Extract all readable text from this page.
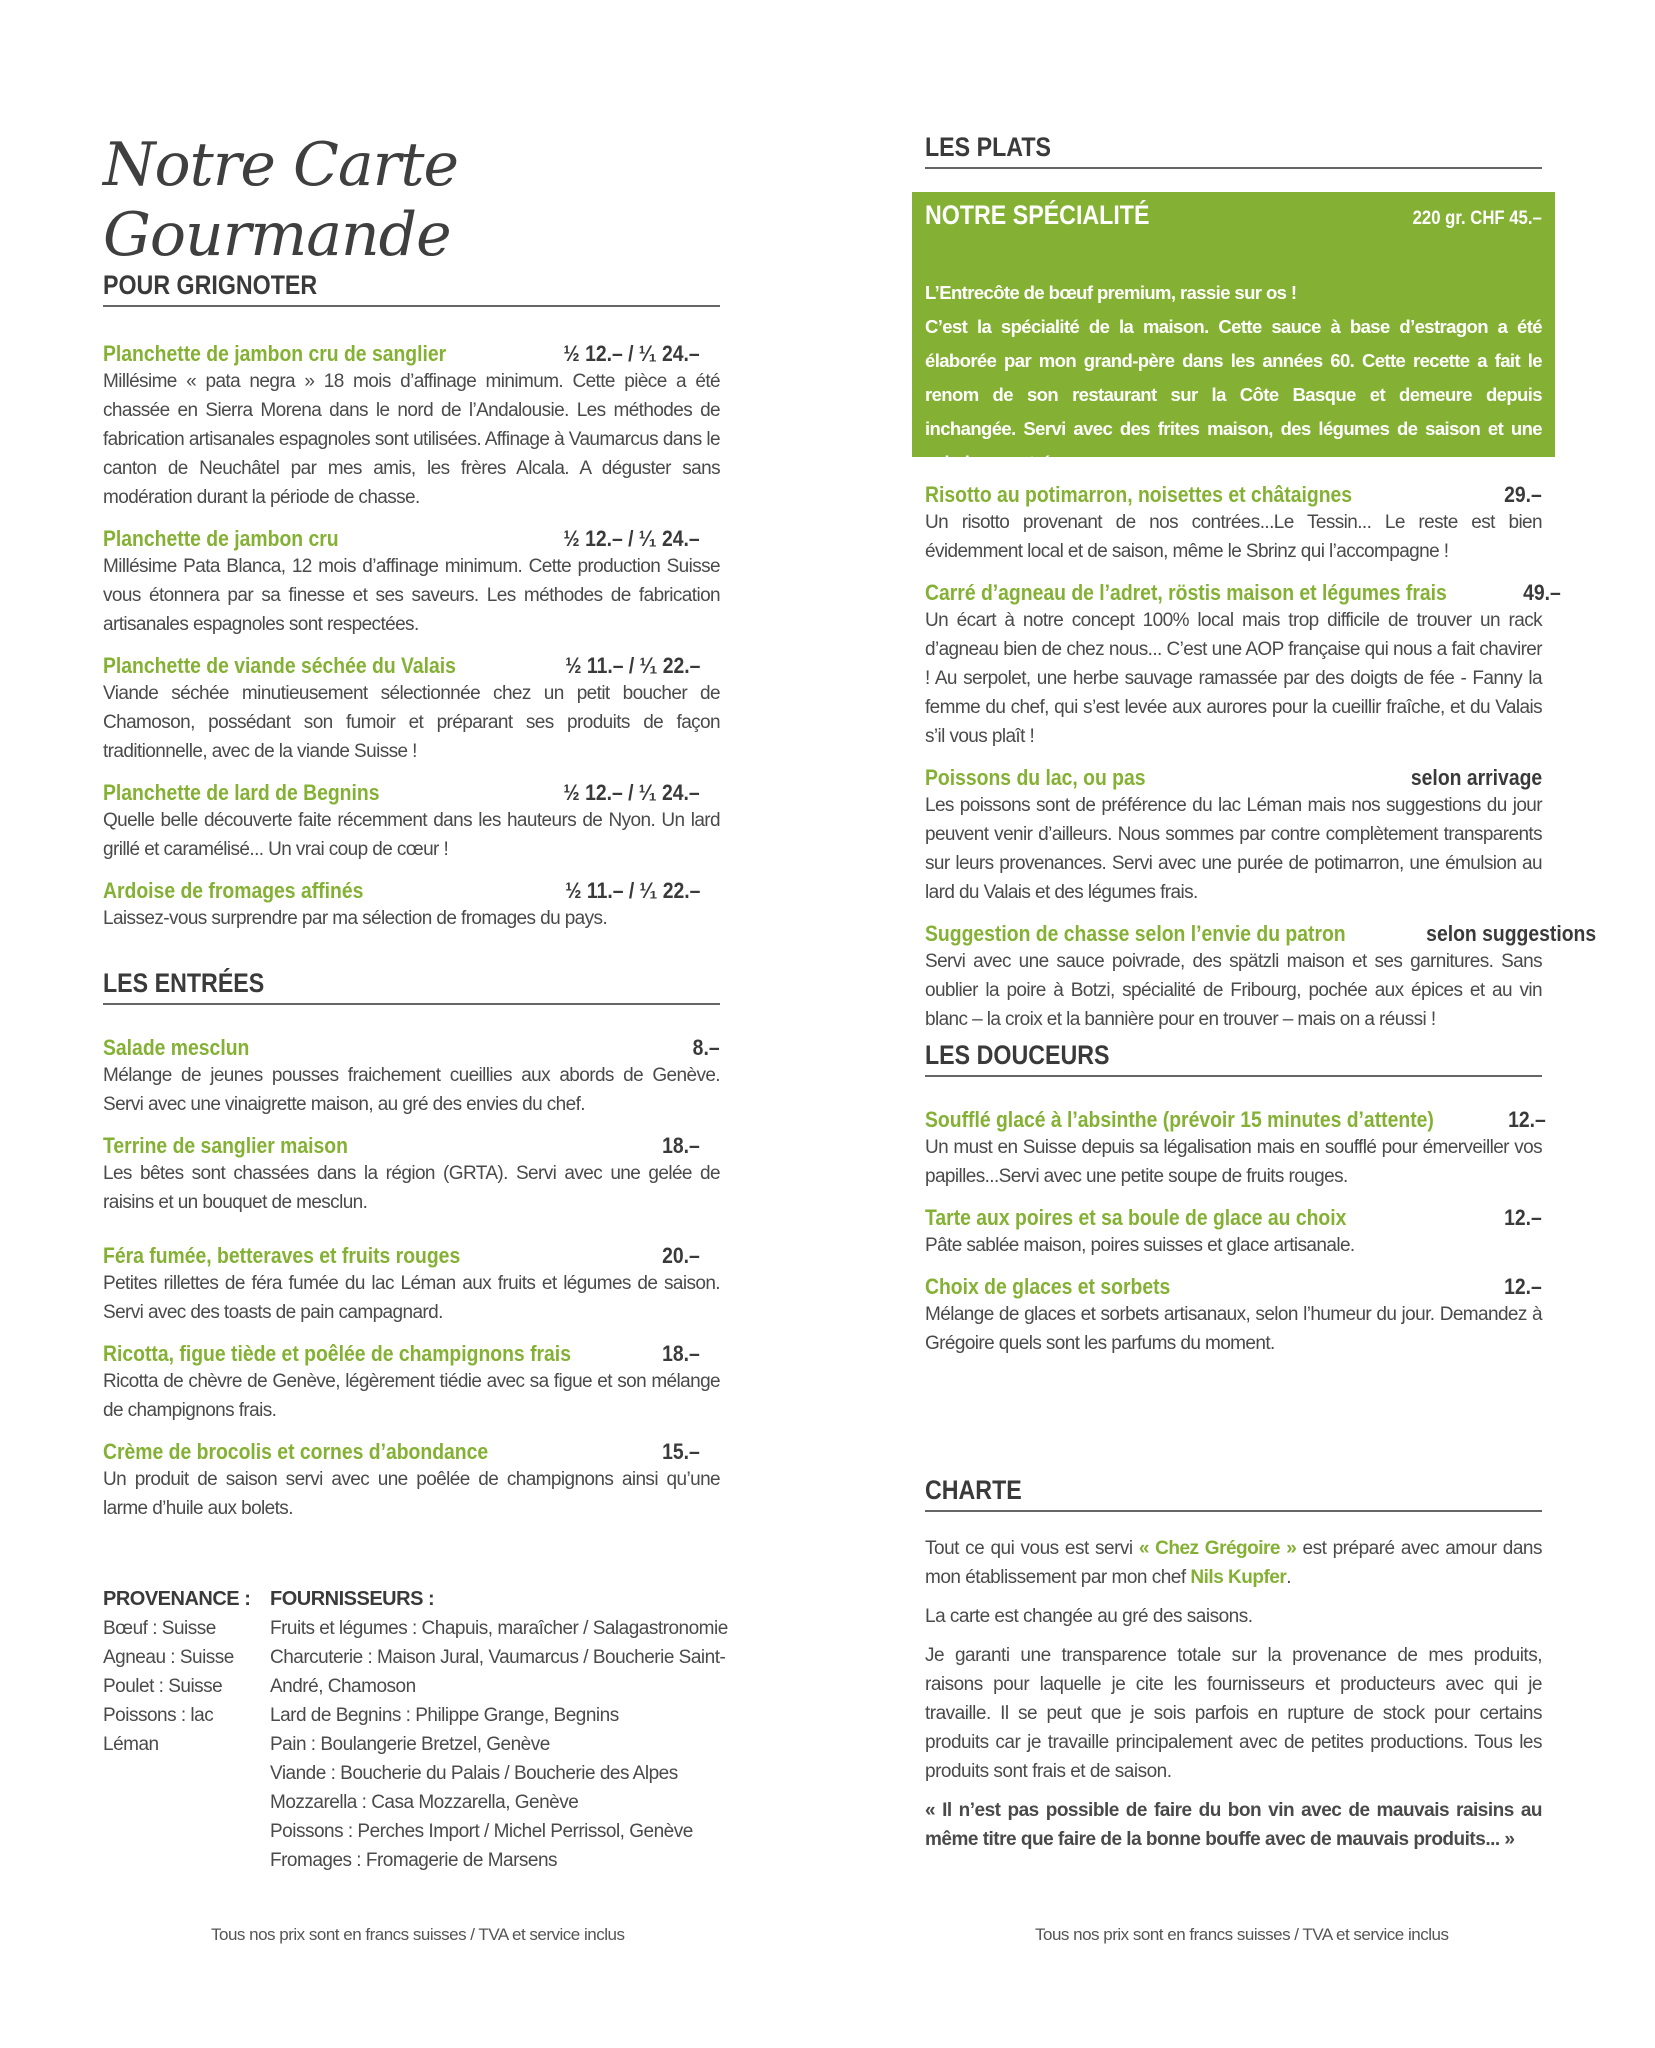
Notre Carte Gourmande
POUR GRIGNOTER
Planchette de jambon cru de sanglier	½ 12.– / ¹⁄₁ 24.–
Millésime « pata negra » 18 mois d’affinage minimum. Cette pièce a été chassée en Sierra Morena dans le nord de l’Andalousie. Les méthodes de fabrication artisanales espagnoles sont utilisées. Affinage à Vaumarcus dans le canton de Neuchâtel par mes amis, les frères Alcala. A déguster sans modération durant la période de chasse.
Planchette de jambon cru	½ 12.– / ¹⁄₁ 24.–
Millésime Pata Blanca, 12 mois d’affinage minimum. Cette production Suisse vous étonnera par sa finesse et ses saveurs. Les méthodes de fabrication artisanales espagnoles sont respectées.
Planchette de viande séchée du Valais	½ 11.– / ¹⁄₁ 22.–
Viande séchée minutieusement sélectionnée chez un petit boucher de Chamoson, possédant son fumoir et préparant ses produits de façon traditionnelle, avec de la viande Suisse !
Planchette de lard de Begnins	½ 12.– / ¹⁄₁ 24.–
Quelle belle découverte faite récemment dans les hauteurs de Nyon. Un lard grillé et caramélisé... Un vrai coup de cœur !
Ardoise de fromages affinés	½ 11.– / ¹⁄₁ 22.–
Laissez-vous surprendre par ma sélection de fromages du pays.
LES ENTRÉES
Salade mesclun	8.–
Mélange de jeunes pousses fraichement cueillies aux abords de Genève. Servi avec une vinaigrette maison, au gré des envies du chef.
Terrine de sanglier maison	18.–
Les bêtes sont chassées dans la région (GRTA). Servi avec une gelée de raisins et un bouquet de mesclun.
Féra fumée, betteraves et fruits rouges	20.–
Petites rillettes de féra fumée du lac Léman aux fruits et légumes de saison. Servi avec des toasts de pain campagnard.
Ricotta, figue tiède et poêlée de champignons frais	18.–
Ricotta de chèvre de Genève, légèrement tiédie avec sa figue et son mélange de champignons frais.
Crème de brocolis et cornes d’abondance	15.–
Un produit de saison servi avec une poêlée de champignons ainsi qu’une larme d’huile aux bolets.
PROVENANCE :
Bœuf : Suisse
Agneau : Suisse
Poulet : Suisse
Poissons : lac Léman
FOURNISSEURS :
Fruits et légumes : Chapuis, maraîcher / Salagastronomie
Charcuterie : Maison Jural, Vaumarcus / Boucherie Saint-
André, Chamoson
Lard de Begnins : Philippe Grange, Begnins
Pain : Boulangerie Bretzel, Genève
Viande : Boucherie du Palais / Boucherie des Alpes
Mozzarella : Casa Mozzarella, Genève
Poissons : Perches Import / Michel Perrissol, Genève
Fromages : Fromagerie de Marsens
Tous nos prix sont en francs suisses / TVA et service inclus
LES PLATS
NOTRE SPÉCIALITÉ	220 gr. CHF 45.–
L’Entrecôte de bœuf premium, rassie sur os !
C’est la spécialité de la maison. Cette sauce à base d’estragon a été élaborée par mon grand-père dans les années 60. Cette recette a fait le renom de son restaurant sur la Côte Basque et demeure depuis inchangée. Servi avec des frites maison, des légumes de saison et une salade en entrée.
Risotto au potimarron, noisettes et châtaignes	29.–
Un risotto provenant de nos contrées...Le Tessin... Le reste est bien évidemment local et de saison, même le Sbrinz qui l’accompagne !
Carré d’agneau de l’adret, röstis maison et légumes frais	49.–
Un écart à notre concept 100% local mais trop difficile de trouver un rack d’agneau bien de chez nous... C’est une AOP française qui nous a fait chavirer ! Au serpolet, une herbe sauvage ramassée par des doigts de fée - Fanny la femme du chef, qui s’est levée aux aurores pour la cueillir fraîche, et du Valais s’il vous plaît !
Poissons du lac, ou pas	selon arrivage
Les poissons sont de préférence du lac Léman mais nos suggestions du jour peuvent venir d’ailleurs. Nous sommes par contre complètement transparents sur leurs provenances. Servi avec une purée de potimarron, une émulsion au lard du Valais et des légumes frais.
Suggestion de chasse selon l’envie du patron	selon suggestions
Servi avec une sauce poivrade, des spätzli maison et ses garnitures. Sans oublier la poire à Botzi, spécialité de Fribourg, pochée aux épices et au vin blanc – la croix et la bannière pour en trouver – mais on a réussi !
LES DOUCEURS
Soufflé glacé à l’absinthe (prévoir 15 minutes d’attente)	12.–
Un must en Suisse depuis sa légalisation mais en soufflé pour émerveiller vos papilles...Servi avec une petite soupe de fruits rouges.
Tarte aux poires et sa boule de glace au choix	12.–
Pâte sablée maison, poires suisses et glace artisanale.
Choix de glaces et sorbets	12.–
Mélange de glaces et sorbets artisanaux, selon l’humeur du jour. Demandez à Grégoire quels sont les parfums du moment.
CHARTE

Tout ce qui vous est servi « Chez Grégoire » est préparé avec amour dans mon établissement par mon chef Nils Kupfer.

La carte est changée au gré des saisons.

Je garanti une transparence totale sur la provenance de mes produits, raisons pour laquelle je cite les fournisseurs et producteurs avec qui je travaille. Il se peut que je sois parfois en rupture de stock pour certains produits car je travaille principalement avec de petites productions. Tous les produits sont frais et de saison.

« Il n’est pas possible de faire du bon vin avec de mauvais raisins au même titre que faire de la bonne bouffe avec de mauvais produits... »

Tous nos prix sont en francs suisses / TVA et service inclus
